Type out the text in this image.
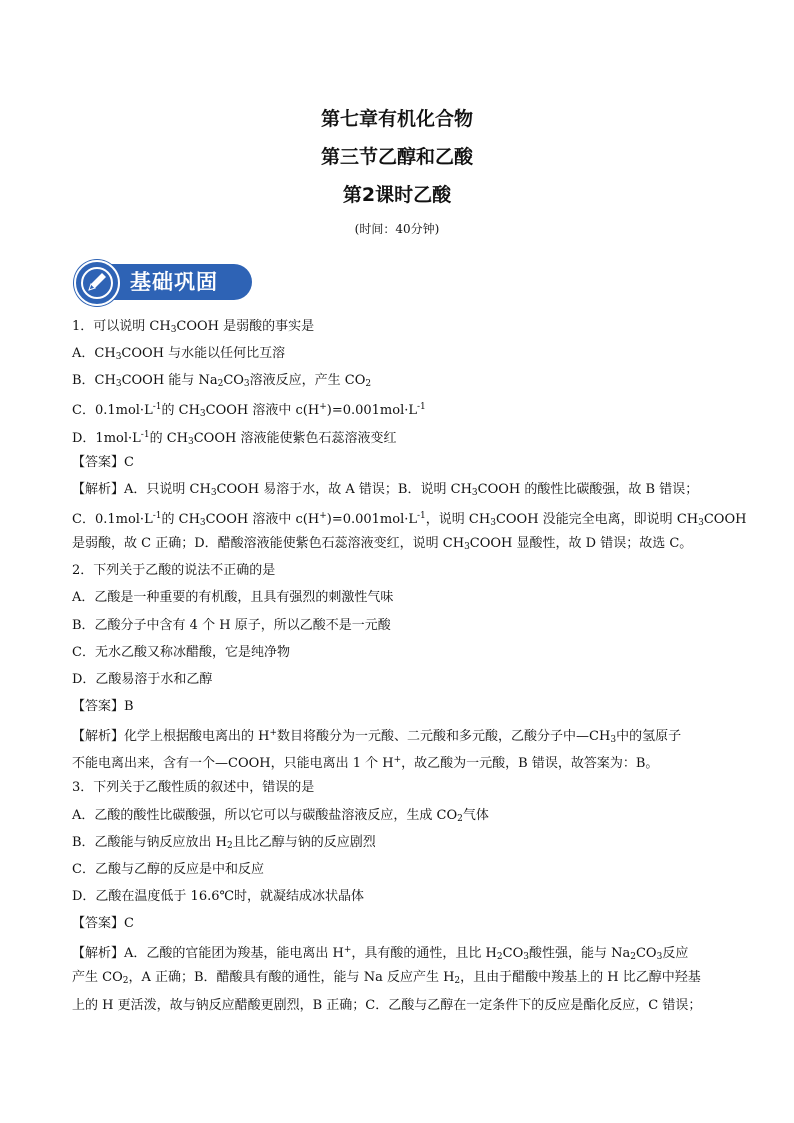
第七章有机化合物
第三节乙醇和乙酸
第2课时乙酸
(时间：40分钟)
基础巩固
1．可以说明 $CH_3COOH$ 是弱酸的事实是
A．$CH_3COOH$ 与水能以任何比互溶
B．$CH_3COOH$ 能与 $Na_2CO_3$溶液反应，产生 $CO_2$
C．$0.1mol\cdot L^{-1}$的 $CH_3COOH$ 溶液中 $c(H^+)=0.001mol\cdot L^{-1}$
D．$1mol\cdot L^{-1}$的 $CH_3COOH$ 溶液能使紫色石蕊溶液变红
【答案】C
【解析】A．只说明 $CH_3COOH$ 易溶于水，故 A 错误；B．说明 $CH_3COOH$ 的酸性比碳酸强，故 B 错误；
C．$0.1mol\cdot L^{-1}$的 $CH_3COOH$ 溶液中 $c(H^+)=0.001mol\cdot L^{-1}$，说明 $CH_3COOH$ 没能完全电离，即说明 $CH_3COOH$
是弱酸，故 C 正确；D．醋酸溶液能使紫色石蕊溶液变红，说明 $CH_3COOH$ 显酸性，故 D 错误；故选 C。
2．下列关于乙酸的说法不正确的是
A．乙酸是一种重要的有机酸，且具有强烈的刺激性气味
B．乙酸分子中含有 4 个 H 原子，所以乙酸不是一元酸
C．无水乙酸又称冰醋酸，它是纯净物
D．乙酸易溶于水和乙醇
【答案】B
【解析】化学上根据酸电离出的 H+数目将酸分为一元酸、二元酸和多元酸，乙酸分子中$—CH_3$中的氢原子
不能电离出来，含有一个—COOH，只能电离出 1 个 H+，故乙酸为一元酸，B 错误，故答案为：B。
3．下列关于乙酸性质的叙述中，错误的是
A．乙酸的酸性比碳酸强，所以它可以与碳酸盐溶液反应，生成 $CO_2$气体
B．乙酸能与钠反应放出 $H_2$且比乙醇与钠的反应剧烈
C．乙酸与乙醇的反应是中和反应
D．乙酸在温度低于 16.6℃时，就凝结成冰状晶体
【答案】C
【解析】A．乙酸的官能团为羧基，能电离出 H+，具有酸的通性，且比 $H_2CO_3$酸性强，能与 $Na_2CO_3$反应
产生 $CO_2$，A 正确；B．醋酸具有酸的通性，能与 Na 反应产生 $H_2$，且由于醋酸中羧基上的 H 比乙醇中羟基
上的 H 更活泼，故与钠反应醋酸更剧烈，B 正确；C．乙酸与乙醇在一定条件下的反应是酯化反应，C 错误；
